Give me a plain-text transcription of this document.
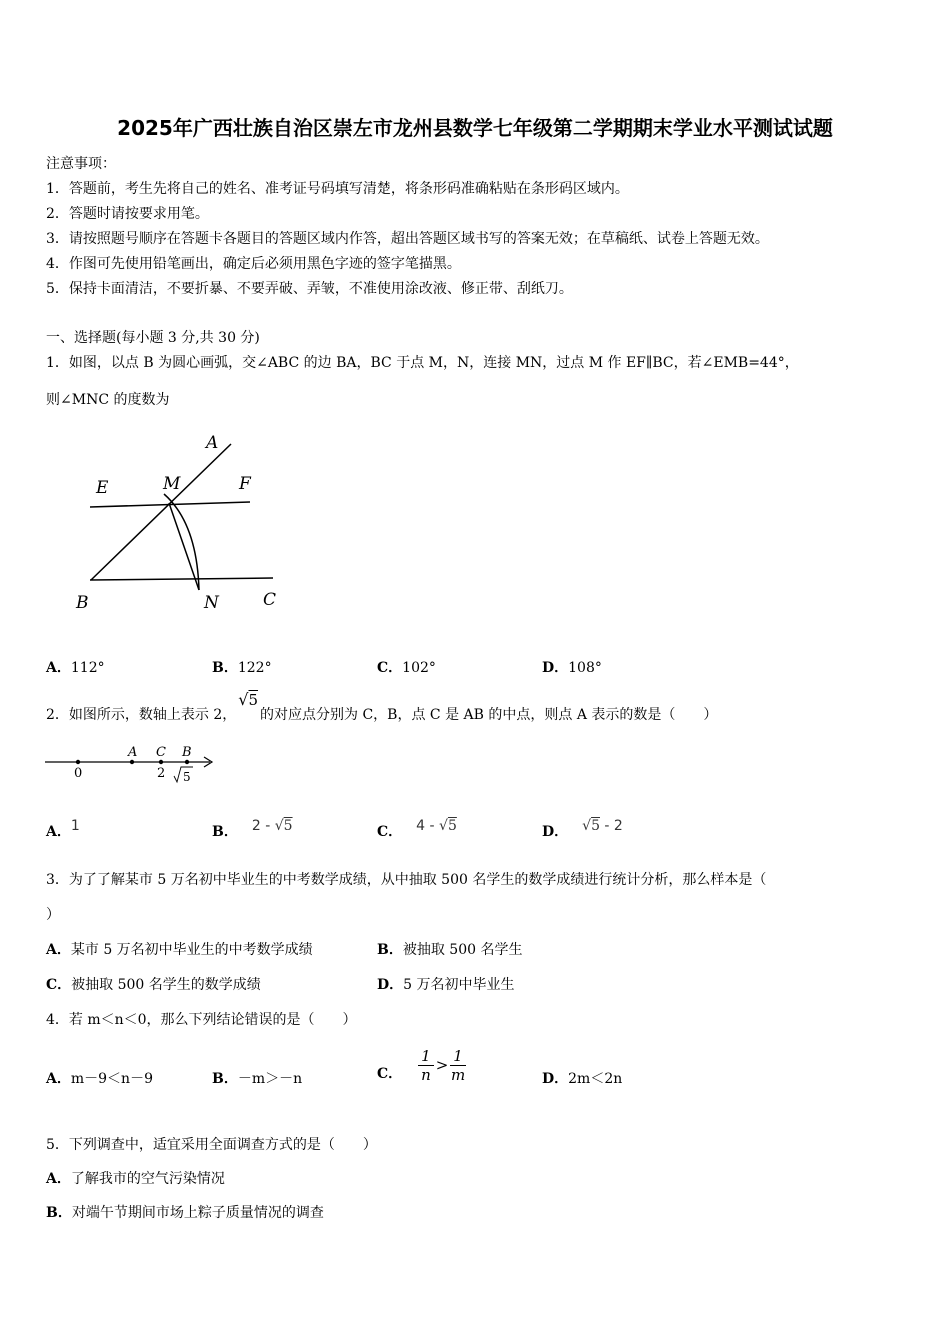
2025年广西壮族自治区崇左市龙州县数学七年级第二学期期末学业水平测试试题
注意事项：
1．答题前，考生先将自己的姓名、准考证号码填写清楚，将条形码准确粘贴在条形码区域内。
2．答题时请按要求用笔。
3．请按照题号顺序在答题卡各题目的答题区域内作答，超出答题区域书写的答案无效；在草稿纸、试卷上答题无效。
4．作图可先使用铅笔画出，确定后必须用黑色字迹的签字笔描黑。
5．保持卡面清洁，不要折暴、不要弄破、弄皱，不准使用涂改液、修正带、刮纸刀。
一、选择题(每小题 3 分,共 30 分)
1．如图，以点 B 为圆心画弧，交∠ABC 的边 BA，BC 于点 M，N，连接 MN，过点 M 作 EF∥BC，若∠EMB=44°，
则∠MNC 的度数为
A
E	M	F
B	N	C
A．112°	B．122°	C．102°	D．108°
2．如图所示，数轴上表示 2，√5的对应点分别为 C，B，点 C 是 AB 的中点，则点 A 表示的数是（　　）
A C B
0	2 5
A．1	B． 2 - √5	C． 4 - √5	D． √5 - 2
3．为了了解某市 5 万名初中毕业生的中考数学成绩，从中抽取 500 名学生的数学成绩进行统计分析，那么样本是（
）
A．某市 5 万名初中毕业生的中考数学成绩	B．被抽取 500 名学生
C．被抽取 500 名学生的数学成绩	D．5 万名初中毕业生
4．若 m＜n＜0，那么下列结论错误的是（　　）
A．m－9＜n－9	B．－m＞－n	C． $\frac{1}{n} > \frac{1}{m}$	D．2m＜2n
5．下列调查中，适宜采用全面调查方式的是（　　）
A．了解我市的空气污染情况
B．对端午节期间市场上粽子质量情况的调查
